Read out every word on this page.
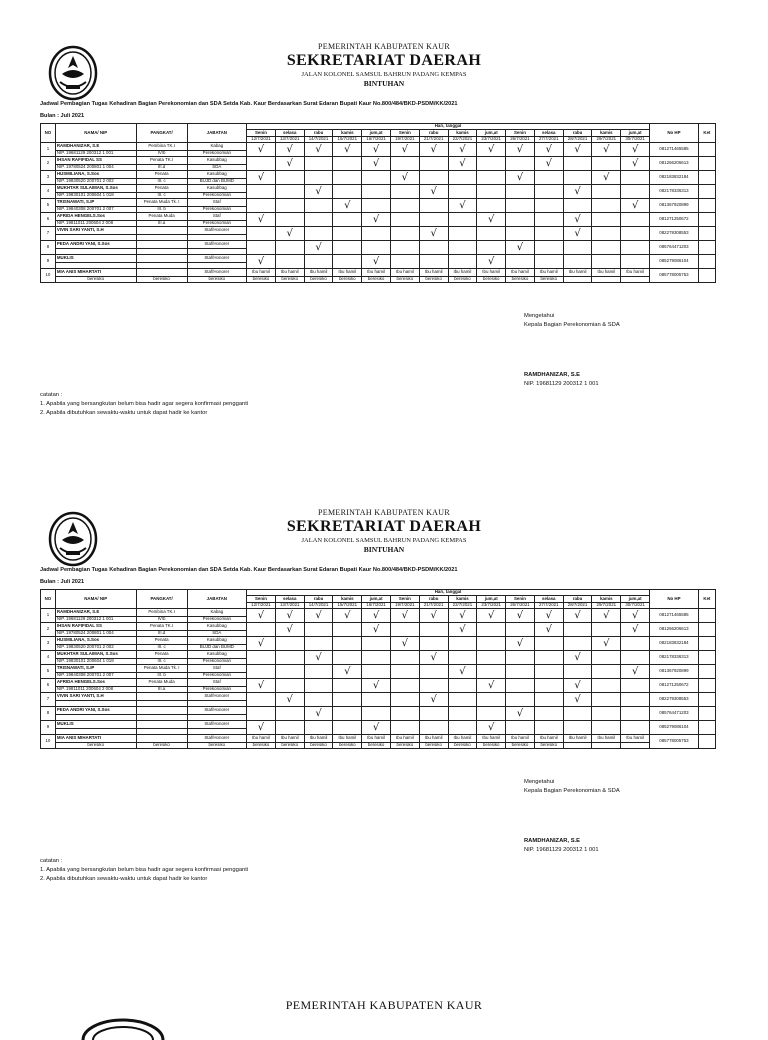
PEMERINTAH KABUPATEN KAUR
SEKRETARIAT DAERAH
JALAN KOLONEL SAMSUL BAHRUN PADANG KEMPAS
BINTUHAN
Jadwal Pembagian Tugas Kehadiran Bagian Perekonomian dan SDA Setda Kab. Kaur Berdasarkan Surat Edaran Bupati Kaur No.800/484/BKD-PSDM/KK/2021
Bulan : Juli 2021
NO	NAMA/ NIP	PANGKAT/	JABATAN	Hari, tanggal														No HP	Ket
				Senin	selasa	rabu	kamis	jum,at	Senin	rabu	kamis	jum,at	Senin	selasa	rabu	kamis	jum,at		
				12/7/2021	13/7/2021	14/7/2021	15/7/2021	16/7/2021	19/7/2021	21/7/2021	22/7/2021	23/7/2021	26/7/2021	27/7/2021	28/7/2021	29/7/2021	30/7/2021		
1	RAMDHANIZAR, S.E	Pembina TK.I	Kabag	√	√	√	√	√	√	√	√	√	√	√	√	√	√	081271465585	
	NIP. 19681129 200312 1 001	IV/b	Perekonomian																
2	IHSAN RAFIFIDAL SS	Penata TK.I	Kasubbag		√			√			√			√			√	081266206613	
	NIP. 19780524 200801 1 004	III.d	SDA																
3	HUSMILIANA, S.Sos	Penata	Kasubbag	√					√				√			√		082183832184	
	NIP. 19830520 200701 2 002	III. c	BUJD dan BUMD																
4	MUKHTAR SULAIMAN, S.Sos	Penata	Kasubbag			√				√					√			082178336313	
	NIP. 19830101 200604 1 018	III. c	Perekonomian																
5	TRISNAWATI, S.IP	Penata Muda Tk. I	Staf				√				√						√	081367920899	
	NIP. 19840308 200701 2 007	III. b	Perekonomian																
6	AFRIDA HENGELS.Sos	Penata Muda	Staf	√				√				√			√			081271250672	
	NIP. 19811011 200604 2 008	III.a	Perekonomian																
7	VIVIN SARI YANTI, S.H		Staf/Honorer		√					√					√			082279308553	

8	PEDA ANDRI YANI, S.Sos		Staf/Honorer			√							√					085764471203	

9	MUKLIS		Staf/Honorer	√				√				√						085279086104	

10	MIA ANIS MIHARTATI		Staf/Honorer	Ibu hamil	Ibu hamil	Ibu hamil	Ibu hamil	Ibu hamil	Ibu hamil	Ibu hamil	Ibu hamil	Ibu hamil	Ibu hamil	Ibu hamil	Ibu hamil	Ibu hamil	Ibu hamil	085778005753	
	beresiko	beresiko	beresiko	beresiko	beresiko	beresiko	beresiko	beresiko	beresiko	beresiko	beresiko	beresiko	beresiko	beresiko					
Mengetahui
Kepala Bagian Perekonomian & SDA
RAMDHANIZAR, S.E
NIP. 19681129 200312 1 001
catatan :
1. Apabila yang bersangkutan belum bisa hadir agar segera konfirmasi pengganti
2. Apabila dibutuhkan sewaktu-waktu untuk dapat hadir ke kantor
PEMERINTAH KABUPATEN KAUR
SEKRETARIAT DAERAH
JALAN KOLONEL SAMSUL BAHRUN PADANG KEMPAS
BINTUHAN
Jadwal Pembagian Tugas Kehadiran Bagian Perekonomian dan SDA Setda Kab. Kaur Berdasarkan Surat Edaran Bupati Kaur No.800/484/BKD-PSDM/KK/2021
Bulan : Juli 2021
NO	NAMA/ NIP	PANGKAT/	JABATAN	Hari, tanggal														No HP	Ket
				Senin	selasa	rabu	kamis	jum,at	Senin	rabu	kamis	jum,at	Senin	selasa	rabu	kamis	jum,at		
				12/7/2021	13/7/2021	14/7/2021	15/7/2021	16/7/2021	19/7/2021	21/7/2021	22/7/2021	23/7/2021	26/7/2021	27/7/2021	28/7/2021	29/7/2021	30/7/2021		
1	RAMDHANIZAR, S.E	Pembina TK.I	Kabag	√	√	√	√	√	√	√	√	√	√	√	√	√	√	081271465585	
	NIP. 19681129 200312 1 001	IV/b	Perekonomian																
2	IHSAN RAFIFIDAL SS	Penata TK.I	Kasubbag		√			√			√			√			√	081266206613	
	NIP. 19780524 200801 1 004	III.d	SDA																
3	HUSMILIANA, S.Sos	Penata	Kasubbag	√					√				√			√		082183832184	
	NIP. 19830520 200701 2 002	III. c	BUJD dan BUMD																
4	MUKHTAR SULAIMAN, S.Sos	Penata	Kasubbag			√				√					√			082178336313	
	NIP. 19830101 200604 1 018	III. c	Perekonomian																
5	TRISNAWATI, S.IP	Penata Muda Tk. I	Staf				√				√						√	081367920899	
	NIP. 19840308 200701 2 007	III. b	Perekonomian																
6	AFRIDA HENGELS.Sos	Penata Muda	Staf	√				√				√			√			081271250672	
	NIP. 19811011 200604 2 008	III.a	Perekonomian																
7	VIVIN SARI YANTI, S.H		Staf/Honorer		√					√					√			082279308553	

8	PEDA ANDRI YANI, S.Sos		Staf/Honorer			√							√					085764471203	

9	MUKLIS		Staf/Honorer	√				√				√						085279086104	

10	MIA ANIS MIHARTATI		Staf/Honorer	Ibu hamil	Ibu hamil	Ibu hamil	Ibu hamil	Ibu hamil	Ibu hamil	Ibu hamil	Ibu hamil	Ibu hamil	Ibu hamil	Ibu hamil	Ibu hamil	Ibu hamil	Ibu hamil	085778005753	
	beresiko	beresiko	beresiko	beresiko	beresiko	beresiko	beresiko	beresiko	beresiko	beresiko	beresiko	beresiko	beresiko	beresiko					
Mengetahui
Kepala Bagian Perekonomian & SDA
RAMDHANIZAR, S.E
NIP. 19681129 200312 1 001
catatan :
1. Apabila yang bersangkutan belum bisa hadir agar segera konfirmasi pengganti
2. Apabila dibutuhkan sewaktu-waktu untuk dapat hadir ke kantor
PEMERINTAH KABUPATEN KAUR
